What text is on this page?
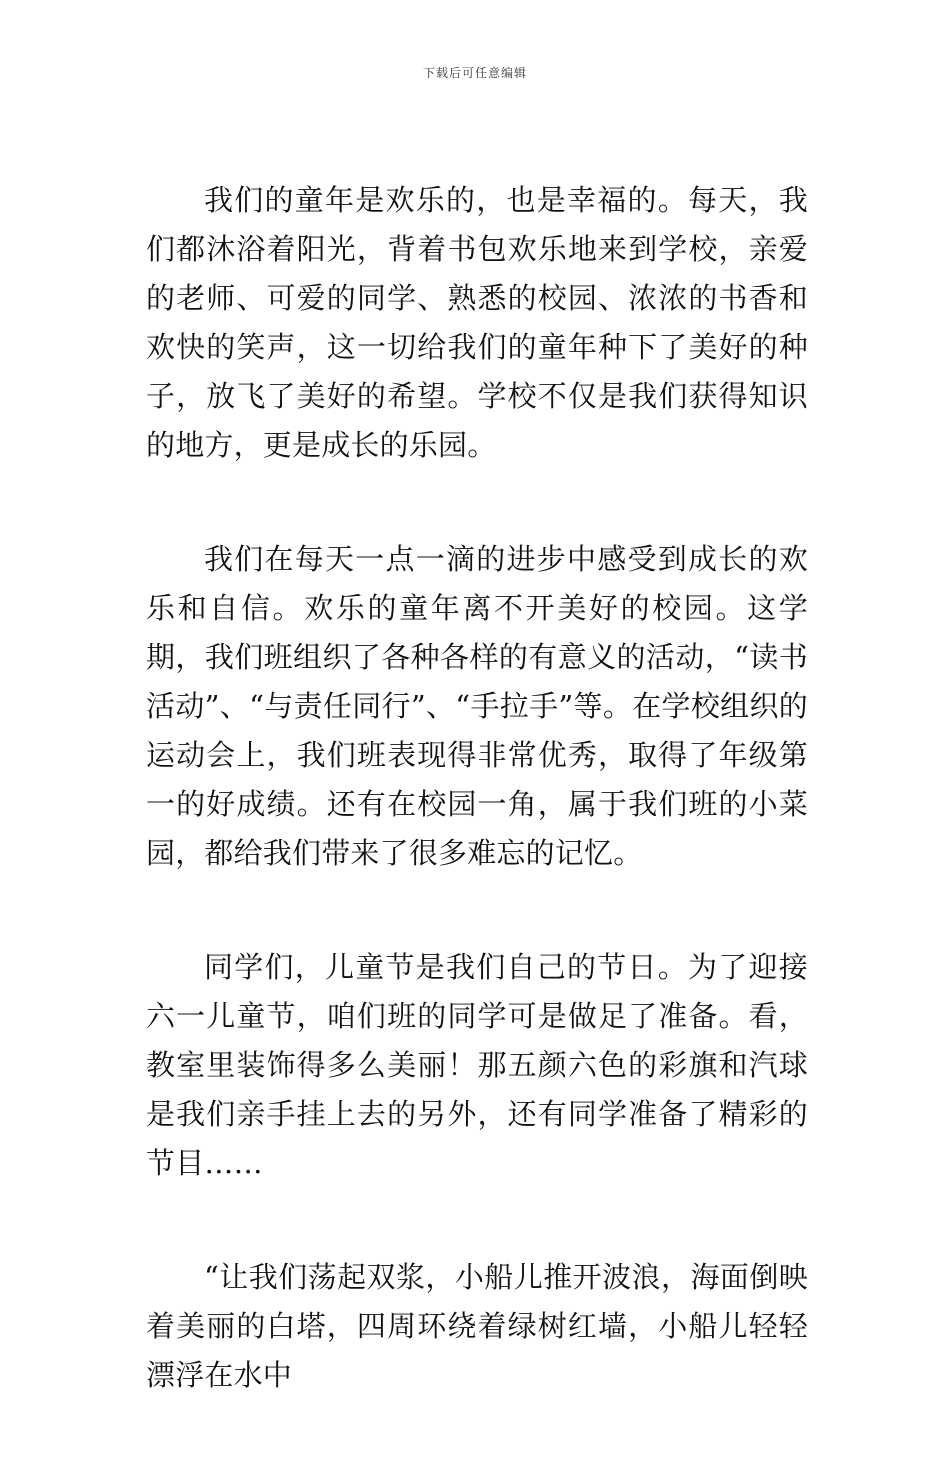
下载后可任意编辑

我们的童年是欢乐的，也是幸福的。每天，我们都沐浴着阳光，背着书包欢乐地来到学校，亲爱的老师、可爱的同学、熟悉的校园、浓浓的书香和欢快的笑声，这一切给我们的童年种下了美好的种子，放飞了美好的希望。学校不仅是我们获得知识的地方，更是成长的乐园。

我们在每天一点一滴的进步中感受到成长的欢乐和自信。欢乐的童年离不开美好的校园。这学期，我们班组织了各种各样的有意义的活动，“读书活动”、“与责任同行”、“手拉手”等。在学校组织的运动会上，我们班表现得非常优秀，取得了年级第一的好成绩。还有在校园一角，属于我们班的小菜园，都给我们带来了很多难忘的记忆。

同学们，儿童节是我们自己的节日。为了迎接六一儿童节，咱们班的同学可是做足了准备。看，教室里装饰得多么美丽！那五颜六色的彩旗和汽球是我们亲手挂上去的另外，还有同学准备了精彩的节目……

“让我们荡起双浆，小船儿推开波浪，海面倒映着美丽的白塔，四周环绕着绿树红墙，小船儿轻轻漂浮在水中
